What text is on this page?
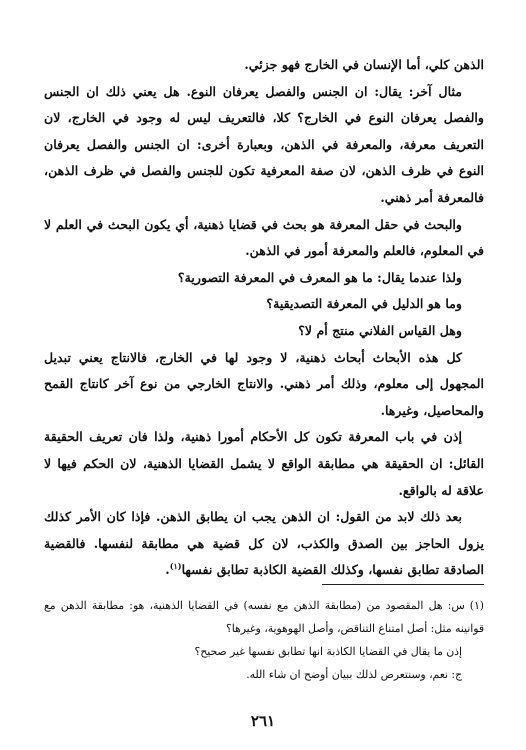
الذهن كلي، أما الإنسان في الخارج فهو جزئي.

مثال آخر: يقال: ان الجنس والفصل يعرفان النوع. هل يعني ذلك ان الجنس والفصل يعرفان النوع في الخارج؟ كلا، فالتعريف ليس له وجود في الخارج، لان التعريف معرفة، والمعرفة في الذهن، وبعبارة أخرى: ان الجنس والفصل يعرفان النوع في ظرف الذهن، لان صفة المعرفية تكون للجنس والفصل في ظرف الذهن، فالمعرفة أمر ذهني.

والبحث في حقل المعرفة هو بحث في قضايا ذهنية، أي يكون البحث في العلم لا في المعلوم، فالعلم والمعرفة أمور في الذهن.

ولذا عندما يقال: ما هو المعرف في المعرفة التصورية؟

وما هو الدليل في المعرفة التصديقية؟

وهل القياس الفلاني منتج أم لا؟

كل هذه الأبحاث أبحاث ذهنية، لا وجود لها في الخارج، فالانتاج يعني تبديل المجهول إلى معلوم، وذلك أمر ذهني. والانتاج الخارجي من نوع آخر كانتاج القمح والمحاصيل، وغيرها.

إذن في باب المعرفة تكون كل الأحكام أمورا ذهنية، ولذا فان تعريف الحقيقة القائل: ان الحقيقة هي مطابقة الواقع لا يشمل القضايا الذهنية، لان الحكم فيها لا علاقة له بالواقع.

بعد ذلك لابد من القول: ان الذهن يجب ان يطابق الذهن. فإذا كان الأمر كذلك يزول الحاجز بين الصدق والكذب، لان كل قضية هي مطابقة لنفسها. فالقضية الصادقة تطابق نفسها، وكذلك القضية الكاذبة تطابق نفسها$^{(١)}$.

(١) س: هل المقصود من (مطابقة الذهن مع نفسه) في القضايا الذهنية، هو: مطابقة الذهن مع قوانينه مثل: أصل امتناع التناقض، وأصل الهوهوية، وغيرها؟

إذن ما يقال في القضايا الكاذبة انها تطابق نفسها غير صحيح؟

ج: نعم، وسنتعرض لذلك ببيان أوضح ان شاء الله.

٢٦١
